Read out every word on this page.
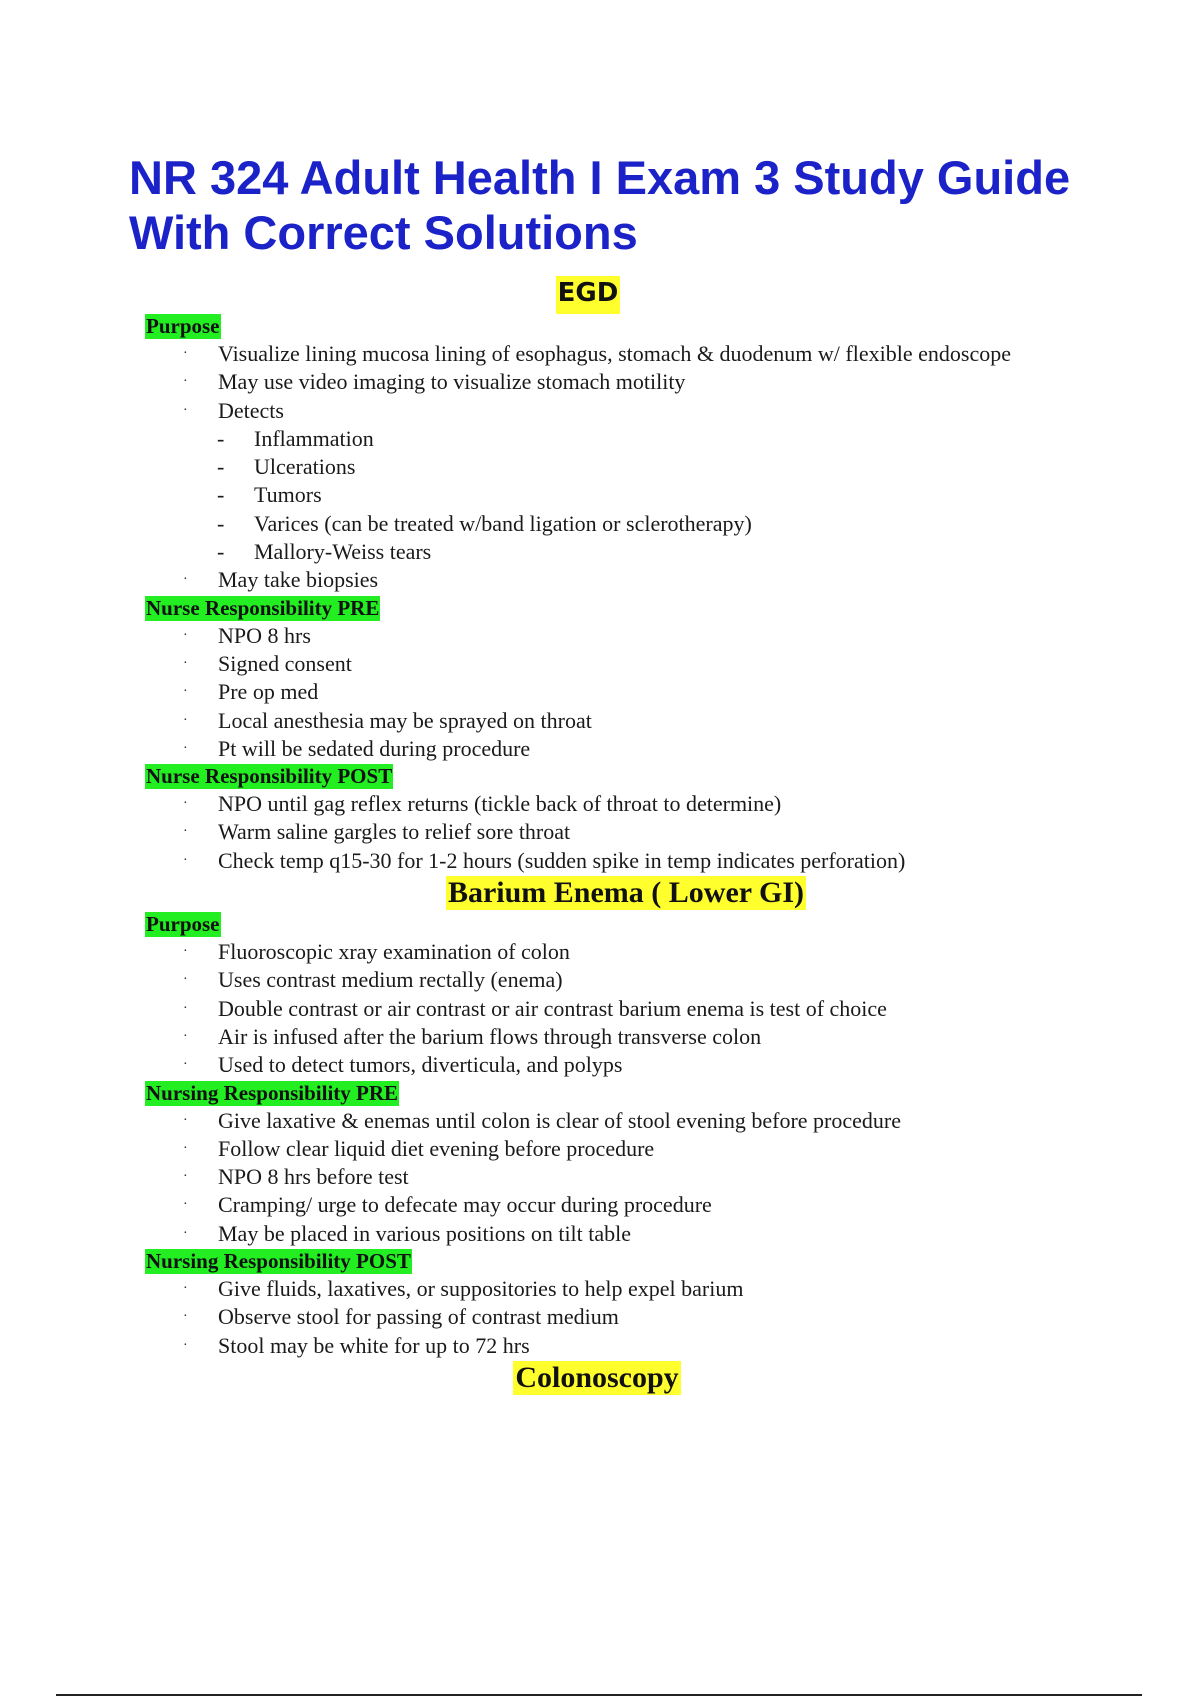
NR 324 Adult Health I Exam 3 Study Guide With Correct Solutions
EGD

Purpose

· Visualize lining mucosa lining of esophagus, stomach & duodenum w/ flexible endoscope
· May use video imaging to visualize stomach motility
· Detects
- Inflammation
- Ulcerations
- Tumors
- Varices (can be treated w/band ligation or sclerotherapy)
- Mallory-Weiss tears
· May take biopsies

Nurse Responsibility PRE

· NPO 8 hrs
· Signed consent
· Pre op med
· Local anesthesia may be sprayed on throat
· Pt will be sedated during procedure

Nurse Responsibility POST

· NPO until gag reflex returns (tickle back of throat to determine)
· Warm saline gargles to relief sore throat
· Check temp q15-30 for 1-2 hours (sudden spike in temp indicates perforation)
Barium Enema ( Lower GI)

Purpose

· Fluoroscopic xray examination of colon
· Uses contrast medium rectally (enema)
· Double contrast or air contrast or air contrast barium enema is test of choice
· Air is infused after the barium flows through transverse colon
· Used to detect tumors, diverticula, and polyps

Nursing Responsibility PRE

· Give laxative & enemas until colon is clear of stool evening before procedure
· Follow clear liquid diet evening before procedure
· NPO 8 hrs before test
· Cramping/ urge to defecate may occur during procedure
· May be placed in various positions on tilt table

Nursing Responsibility POST

· Give fluids, laxatives, or suppositories to help expel barium
· Observe stool for passing of contrast medium
· Stool may be white for up to 72 hrs
Colonoscopy
